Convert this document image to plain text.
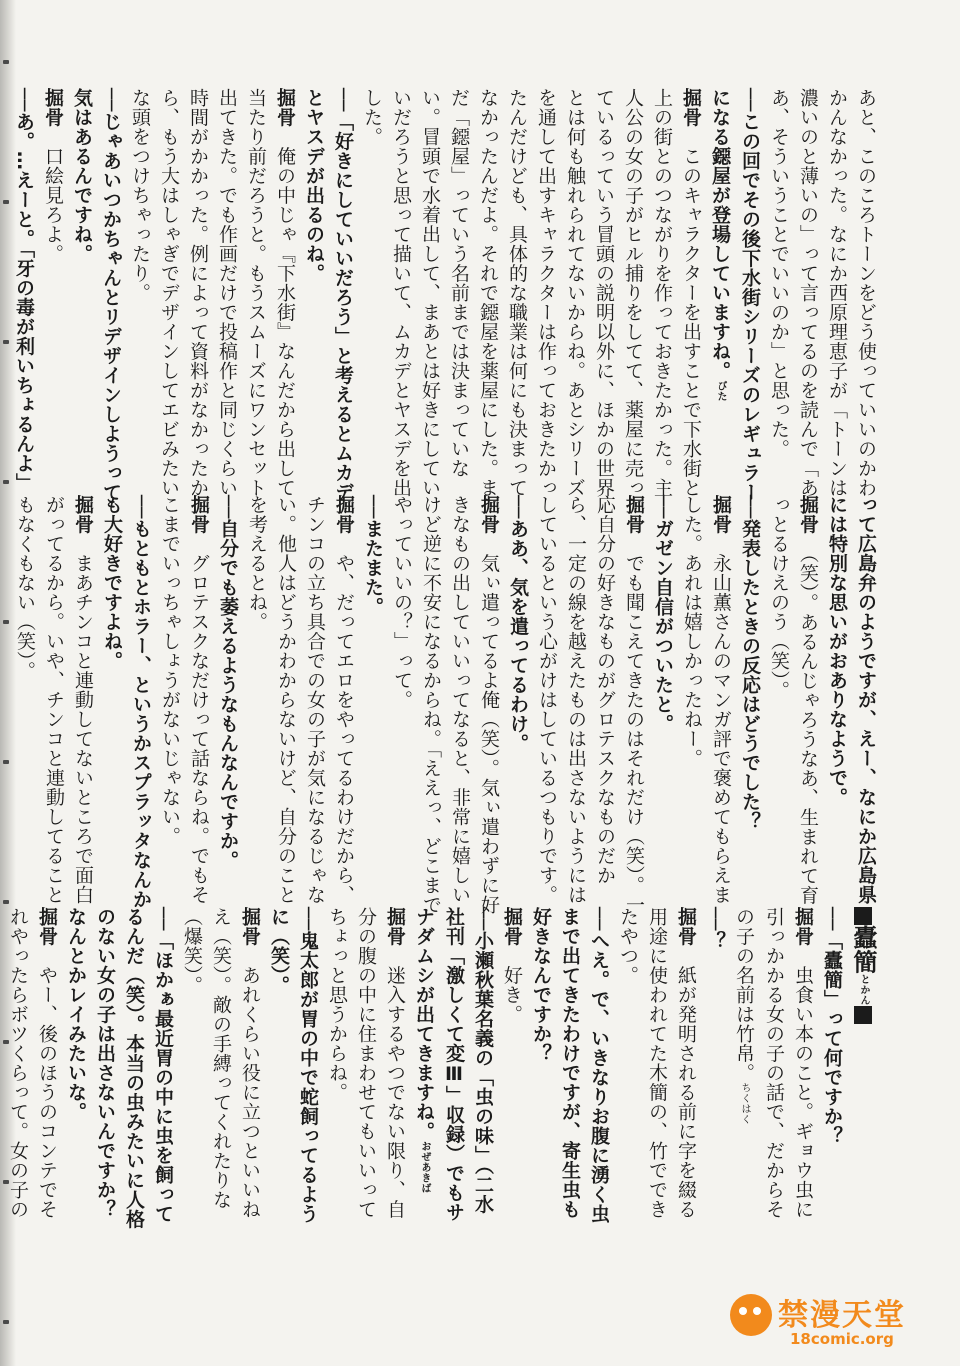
あと、このころトーンをどう使っていいのかわかんなかった。なにか西原理恵子が「トーンは濃いのと薄いの」って言ってるのを読んで「ああ、そういうことでいいのか」と思った。

──この回でその後下水街シリーズのレギュラーになる鐚屋が登場していますね。びた

掘骨　このキャラクターを出すことで下水街と上の街とのつながりを作っておきたかった。主人公の女の子がヒル捕りをしてて、薬屋に売っているっていう冒頭の説明以外に、ほかの世界とは何も触れられてないからね。あとシリーズを通して出すキャラクターは作っておきたかったんだけども、具体的な職業は何にも決まってなかったんだよ。それで鐚屋を薬屋にした。まだ「鐚屋」っていう名前までは決まっていない。冒頭で水着出して、まあとは好きにしていいだろうと思って描いて、ムカデとヤスデを出した。

──「好きにしていいだろう」と考えるとムカデとヤスデが出るのね。

掘骨　俺の中じゃ『下水街』なんだから出して当たり前だろうと。もうスムーズにワンセット出てきた。でも作画だけで投稿作と同じくらい時間がかかった。例によって資料がなかったから、もう大はしゃぎでデザインしてエビみたいな頭をつけちゃったり。

──じゃあいつかちゃんとリデザインしようって気はあるんですね。

掘骨　口絵見ろよ。

──あ。…えーと。「牙の毒が利いちょるんよ」

って広島弁のようですが、えー、なにか広島県には特別な思いがおありなようで。

掘骨　（笑）。あるんじゃろうなあ、生まれて育っとるけえのう（笑）。

──発表したときの反応はどうでした？

掘骨　永山薫さんのマンガ評で褒めてもらえました。あれは嬉しかったねー。

──ガゼン自信がついたと。

掘骨　でも聞こえてきたのはそれだけ（笑）。一応自分の好きなものがグロテスクなものだから、一定の線を越えたものは出さないようにはしているという心がけはしているつもりです。

──ああ、気を遣ってるわけ。

掘骨　気ぃ遣ってるよ俺（笑）。気ぃ遣わずに好きなもの出していいってなると、非常に嬉しいけど逆に不安になるからね。「ええっ、どこまでやっていいの？」って。

──またまた。

掘骨　や、だってエロをやってるわけだから、チンコの立ち具合での女の子が気になるじゃない。他人はどうかわからないけど、自分のことを考えるとね。

──自分でも萎えるようなもんなんですか。

掘骨　グロテスクなだけって話ならね。でもそこまでいっちゃしょうがないじゃない。

──もともとホラー、というかスプラッタなんかも大好きですよね。

掘骨　まあチンコと連動してないところで面白がってるから。いや、チンコと連動してることもなくもない（笑）。

蠹簡とかん

──「蠹簡」って何ですか？

掘骨　虫食い本のこと。ギョウ虫に引っかかる女の子の話で、だからその子の名前は竹帛。ちくはく

──？

掘骨　紙が発明される前に字を綴る用途に使われてた木簡の、竹でできたやつ。

──へえ。で、いきなりお腹に湧く虫まで出てきたわけですが、寄生虫も好きなんですか？

掘骨　好き。

──小瀬秋葉名義の「虫の味」（二水社刊「激しくて変Ⅲ」収録）でもサナダムシが出てきますね。おぜあきば

掘骨　迷入するやつでない限り、自分の腹の中に住まわせてもいいってちょっと思うからね。

──鬼太郎が胃の中で蛇飼ってるように（笑）。

掘骨　あれくらい役に立つといいねえ（笑）。敵の手縛ってくれたりな（爆笑）。

──「ほかぁ最近胃の中に虫を飼ってるんだ（笑）。本当の虫みたいに人格のない女の子は出さないんですか？　なんとかレイみたいな。

掘骨　やー、後のほうのコンテでそれやったらボツくらって。女の子の

禁漫天堂
18comic.org
